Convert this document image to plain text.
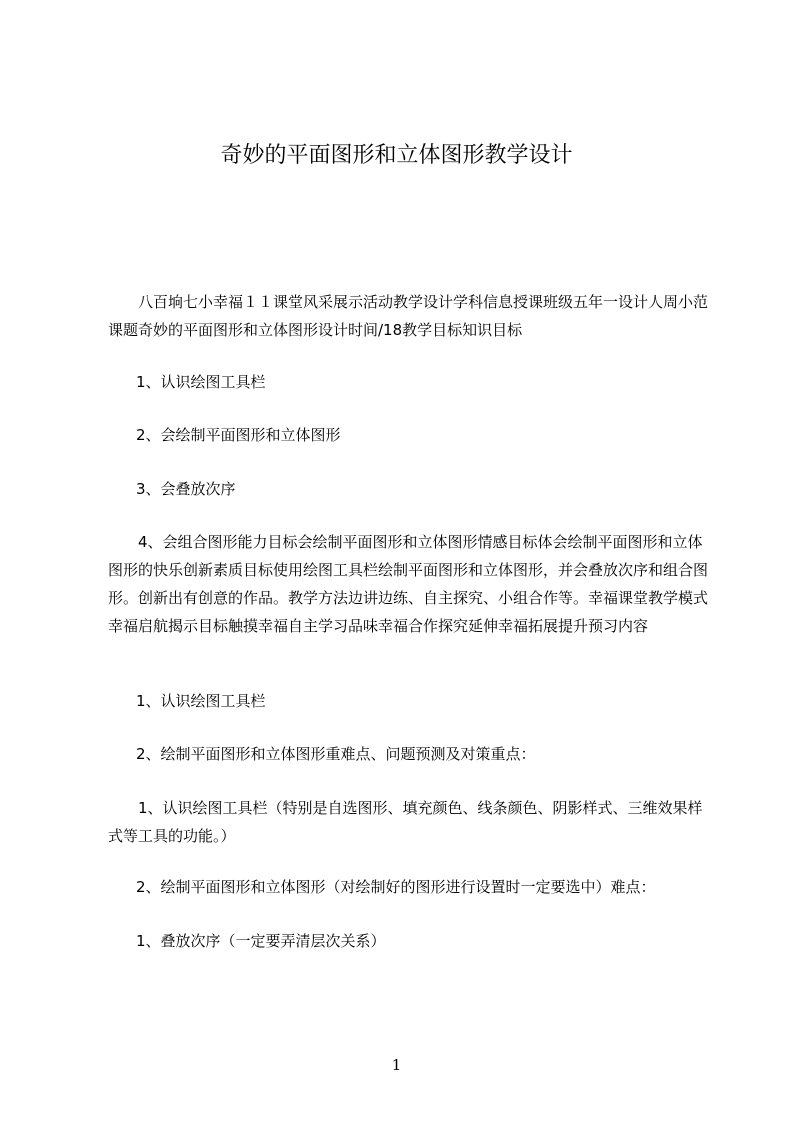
奇妙的平面图形和立体图形教学设计

八百垧七小幸福１１课堂风采展示活动教学设计学科信息授课班级五年一设计人周小范课题奇妙的平面图形和立体图形设计时间/18教学目标知识目标

1、认识绘图工具栏
2、会绘制平面图形和立体图形
3、会叠放次序

4、会组合图形能力目标会绘制平面图形和立体图形情感目标体会绘制平面图形和立体图形的快乐创新素质目标使用绘图工具栏绘制平面图形和立体图形，并会叠放次序和组合图形。创新出有创意的作品。教学方法边讲边练、自主探究、小组合作等。幸福课堂教学模式幸福启航揭示目标触摸幸福自主学习品味幸福合作探究延伸幸福拓展提升预习内容

1、认识绘图工具栏
2、绘制平面图形和立体图形重难点、问题预测及对策重点：

1、认识绘图工具栏（特别是自选图形、填充颜色、线条颜色、阴影样式、三维效果样式等工具的功能。）

2、绘制平面图形和立体图形（对绘制好的图形进行设置时一定要选中）难点：
1、叠放次序（一定要弄清层次关系）
1
